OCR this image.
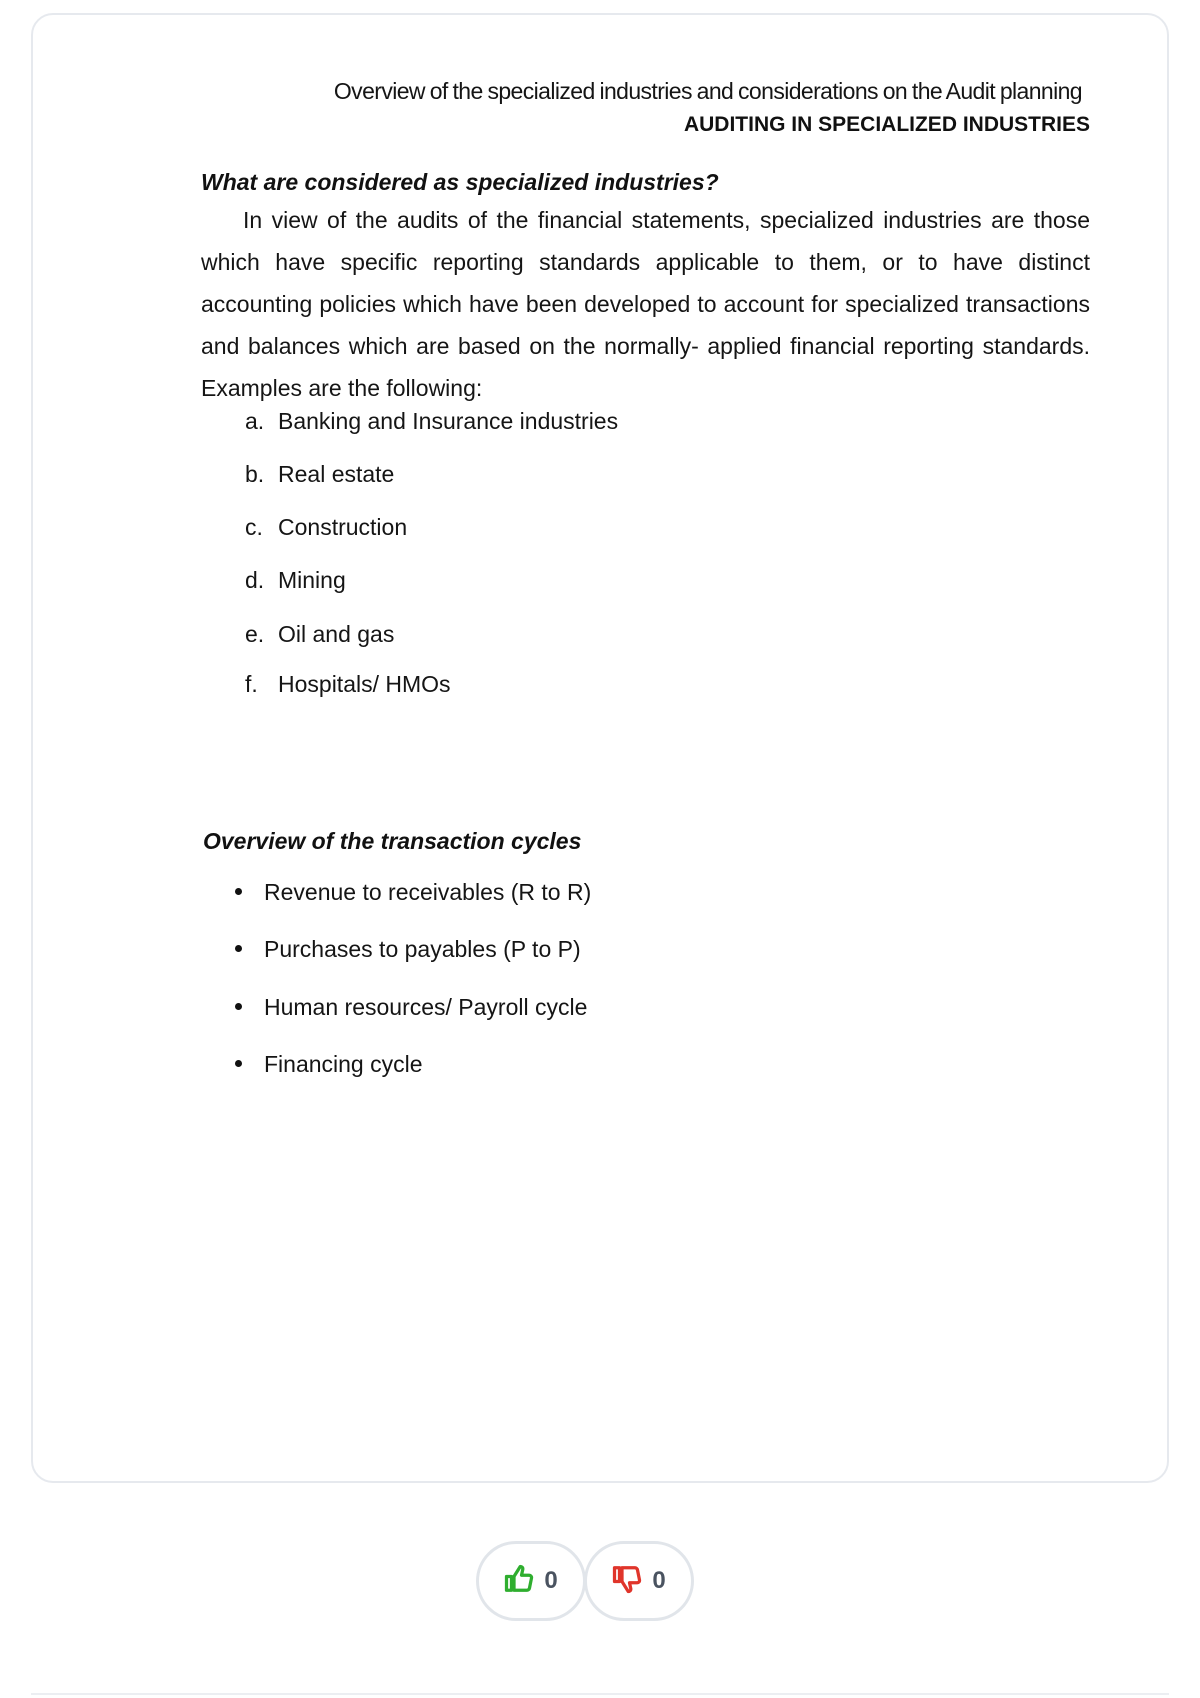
Overview of the specialized industries and considerations on the Audit planning
AUDITING IN SPECIALIZED INDUSTRIES
What are considered as specialized industries?

In view of the audits of the financial statements, specialized industries are those which have specific reporting standards applicable to them, or to have distinct accounting policies which have been developed to account for specialized transactions and balances which are based on the normally- applied financial reporting standards. Examples are the following:

a. Banking and Insurance industries
b. Real estate
c. Construction
d. Mining
e. Oil and gas
f. Hospitals/ HMOs
Overview of the transaction cycles
Revenue to receivables (R to R)
Purchases to payables (P to P)
Human resources/ Payroll cycle
Financing cycle
0	0
